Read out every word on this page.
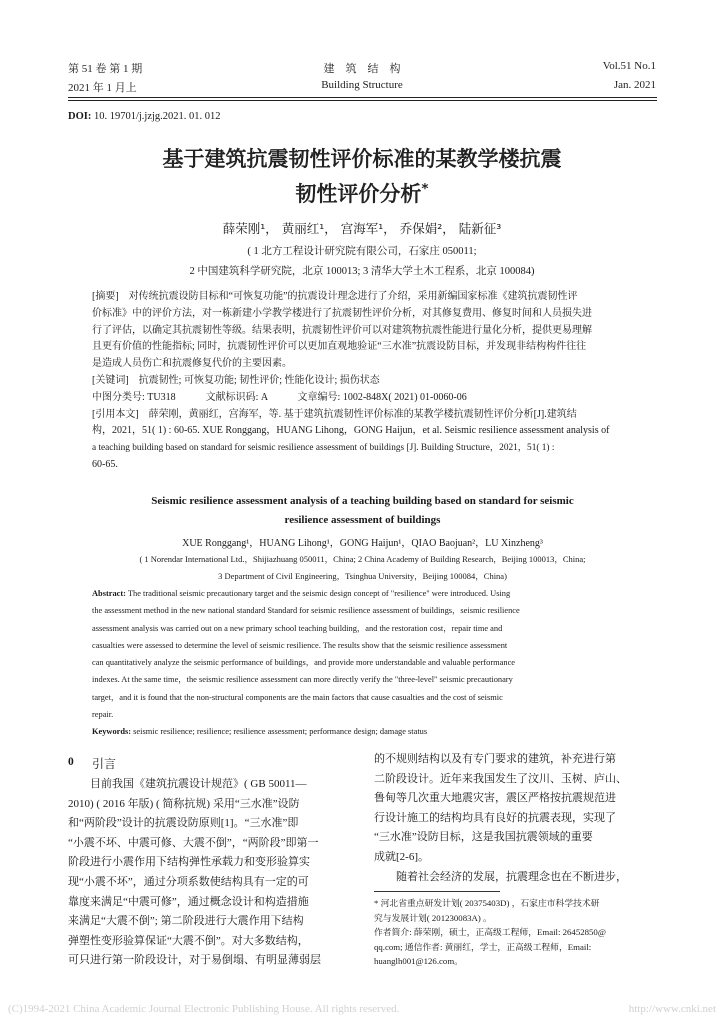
第 51 卷 第 1 期
2021 年 1 月上
建　筑　结　构
Building Structure
Vol.51 No.1
Jan. 2021
DOI: 10. 19701/j.jzjg.2021. 01. 012
基于建筑抗震韧性评价标准的某教学楼抗震
韧性评价分析*
薛荣刚¹， 黄丽红¹， 宫海军¹， 乔保娟²， 陆新征³
( 1 北方工程设计研究院有限公司，石家庄 050011;
2 中国建筑科学研究院，北京 100013; 3 清华大学土木工程系，北京 100084)
[摘要]　对传统抗震设防目标和“可恢复功能”的抗震设计理念进行了介绍，采用新编国家标准《建筑抗震韧性评
价标准》中的评价方法，对一栋新建小学教学楼进行了抗震韧性评价分析，对其修复费用、修复时间和人员损失进
行了评估，以确定其抗震韧性等级。结果表明，抗震韧性评价可以对建筑物抗震性能进行量化分析，提供更易理解
且更有价值的性能指标; 同时，抗震韧性评价可以更加直观地验证“三水准”抗震设防目标，并发现非结构构件往往
是造成人员伤亡和抗震修复代价的主要因素。
[关键词]　抗震韧性; 可恢复功能; 韧性评价; 性能化设计; 损伤状态
中图分类号: TU318　　　文献标识码: A　　　文章编号: 1002-848X( 2021) 01-0060-06
[引用本文]　薛荣刚，黄丽红，宫海军，等. 基于建筑抗震韧性评价标准的某教学楼抗震韧性评价分析[J].建筑结
构，2021，51( 1) : 60-65. XUE Ronggang，HUANG Lihong，GONG Haijun，et al. Seismic resilience assessment analysis of
a teaching building based on standard for seismic resilience assessment of buildings [J]. Building Structure，2021，51( 1) :
60-65.
Seismic resilience assessment analysis of a teaching building based on standard for seismic
resilience assessment of buildings
XUE Ronggang¹，HUANG Lihong¹，GONG Haijun¹，QIAO Baojuan²，LU Xinzheng³
( 1 Norendar International Ltd.，Shijiazhuang 050011，China; 2 China Academy of Building Research，Beijing 100013，China;
3 Department of Civil Engineering，Tsinghua University，Beijing 100084，China)
Abstract: The traditional seismic precautionary target and the seismic design concept of "resilience" were introduced. Using
the assessment method in the new national standard Standard for seismic resilience assessment of buildings，seismic resilience
assessment analysis was carried out on a new primary school teaching building，and the restoration cost，repair time and
casualties were assessed to determine the level of seismic resilience. The results show that the seismic resilience assessment
can quantitatively analyze the seismic performance of buildings，and provide more understandable and valuable performance
indexes. At the same time，the seismic resilience assessment can more directly verify the "three-level" seismic precautionary
target，and it is found that the non-structural components are the main factors that cause casualties and the cost of seismic
repair.
Keywords: seismic resilience; resilience; resilience assessment; performance design; damage status
0 引言
　　目前我国《建筑抗震设计规范》( GB 50011—
2010) ( 2016 年版) ( 简称抗规) 采用“三水准”设防
和“两阶段”设计的抗震设防原则[1]。“三水准”即
“小震不坏、中震可修、大震不倒”，“两阶段”即第一
阶段进行小震作用下结构弹性承载力和变形验算实
现“小震不坏”，通过分项系数使结构具有一定的可
靠度来满足“中震可修”，通过概念设计和构造措施
来满足“大震不倒”; 第二阶段进行大震作用下结构
弹塑性变形验算保证“大震不倒”。对大多数结构，
可只进行第一阶段设计，对于易倒塌、有明显薄弱层
的不规则结构以及有专门要求的建筑，补充进行第
二阶段设计。近年来我国发生了汶川、玉树、庐山、
鲁甸等几次重大地震灾害，震区严格按抗震规范进
行设计施工的结构均具有良好的抗震表现，实现了
“三水准”设防目标，这是我国抗震领域的重要
成就[2-6]。
　　随着社会经济的发展，抗震理念也在不断进步，
* 河北省重点研发计划( 20375403D) ，石家庄市科学技术研
究与发展计划( 201230083A) 。
作者简介: 薛荣刚，硕士，正高级工程师，Email: 26452850@
qq.com; 通信作者: 黄丽红，学士，正高级工程师，Email:
huanglh001@126.com。
(C)1994-2021 China Academic Journal Electronic Publishing House. All rights reserved.	http://www.cnki.net
